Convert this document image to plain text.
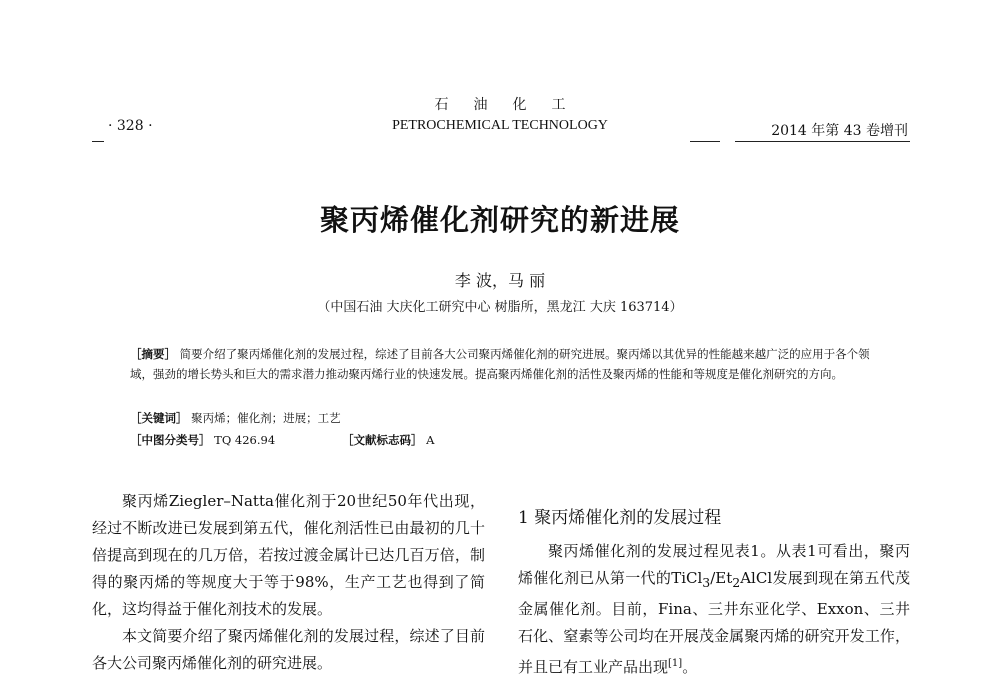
石油化工
· 328 ·	PETROCHEMICAL TECHNOLOGY	2014 年第 43 卷增刊
聚丙烯催化剂研究的新进展
李 波，马 丽
（中国石油 大庆化工研究中心 树脂所，黑龙江 大庆 163714）
［摘要］ 简要介绍了聚丙烯催化剂的发展过程，综述了目前各大公司聚丙烯催化剂的研究进展。聚丙烯以其优异的性能越来越广泛的应用于各个领域，强劲的增长势头和巨大的需求潜力推动聚丙烯行业的快速发展。提高聚丙烯催化剂的活性及聚丙烯的性能和等规度是催化剂研究的方向。
［关键词］ 聚丙烯；催化剂；进展；工艺
［中图分类号］ TQ 426.94	［文献标志码］ A

聚丙烯Ziegler–Natta催化剂于20世纪50年代出现，经过不断改进已发展到第五代，催化剂活性已由最初的几十倍提高到现在的几万倍，若按过渡金属计已达几百万倍，制得的聚丙烯的等规度大于等于98%，生产工艺也得到了简化，这均得益于催化剂技术的发展。

本文简要介绍了聚丙烯催化剂的发展过程，综述了目前各大公司聚丙烯催化剂的研究进展。

1 聚丙烯催化剂的发展过程

聚丙烯催化剂的发展过程见表1。从表1可看出，聚丙烯催化剂已从第一代的$TiCl_3/Et_2AlCl$发展到现在第五代茂金属催化剂。目前，Fina、三井东亚化学、Exxon、三井石化、窒素等公司均在开展茂金属聚丙烯的研究开发工作，并且已有工业产品出现[1]。
